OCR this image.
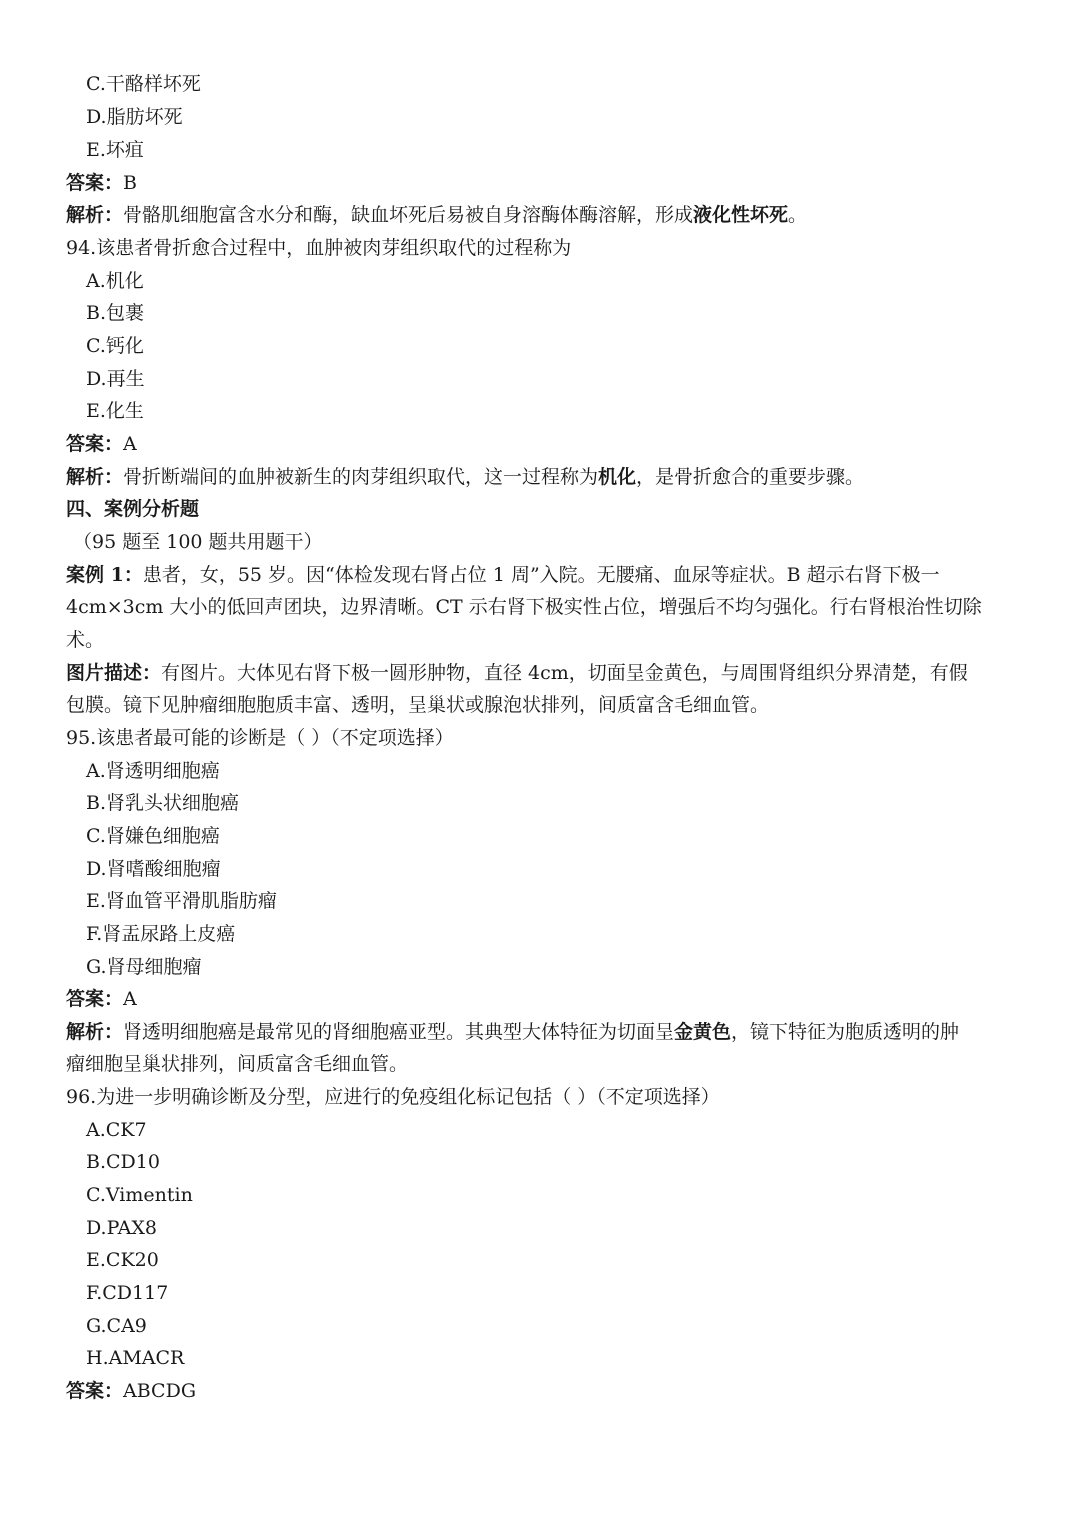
C.干酪样坏死
D.脂肪坏死
E.坏疽
答案：B
解析：骨骼肌细胞富含水分和酶，缺血坏死后易被自身溶酶体酶溶解，形成液化性坏死。
94.该患者骨折愈合过程中，血肿被肉芽组织取代的过程称为
A.机化
B.包裹
C.钙化
D.再生
E.化生
答案：A
解析：骨折断端间的血肿被新生的肉芽组织取代，这一过程称为机化，是骨折愈合的重要步骤。
四、案例分析题
（95 题至 100 题共用题干）
案例 1：患者，女，55 岁。因“体检发现右肾占位 1 周”入院。无腰痛、血尿等症状。B 超示右肾下极一
4cm×3cm 大小的低回声团块，边界清晰。CT 示右肾下极实性占位，增强后不均匀强化。行右肾根治性切除
术。
图片描述：有图片。大体见右肾下极一圆形肿物，直径 4cm，切面呈金黄色，与周围肾组织分界清楚，有假
包膜。镜下见肿瘤细胞胞质丰富、透明，呈巢状或腺泡状排列，间质富含毛细血管。
95.该患者最可能的诊断是（ ）（不定项选择）
A.肾透明细胞癌
B.肾乳头状细胞癌
C.肾嫌色细胞癌
D.肾嗜酸细胞瘤
E.肾血管平滑肌脂肪瘤
F.肾盂尿路上皮癌
G.肾母细胞瘤
答案：A
解析：肾透明细胞癌是最常见的肾细胞癌亚型。其典型大体特征为切面呈金黄色，镜下特征为胞质透明的肿
瘤细胞呈巢状排列，间质富含毛细血管。
96.为进一步明确诊断及分型，应进行的免疫组化标记包括（ ）（不定项选择）
A.CK7
B.CD10
C.Vimentin
D.PAX8
E.CK20
F.CD117
G.CA9
H.AMACR
答案：ABCDG
